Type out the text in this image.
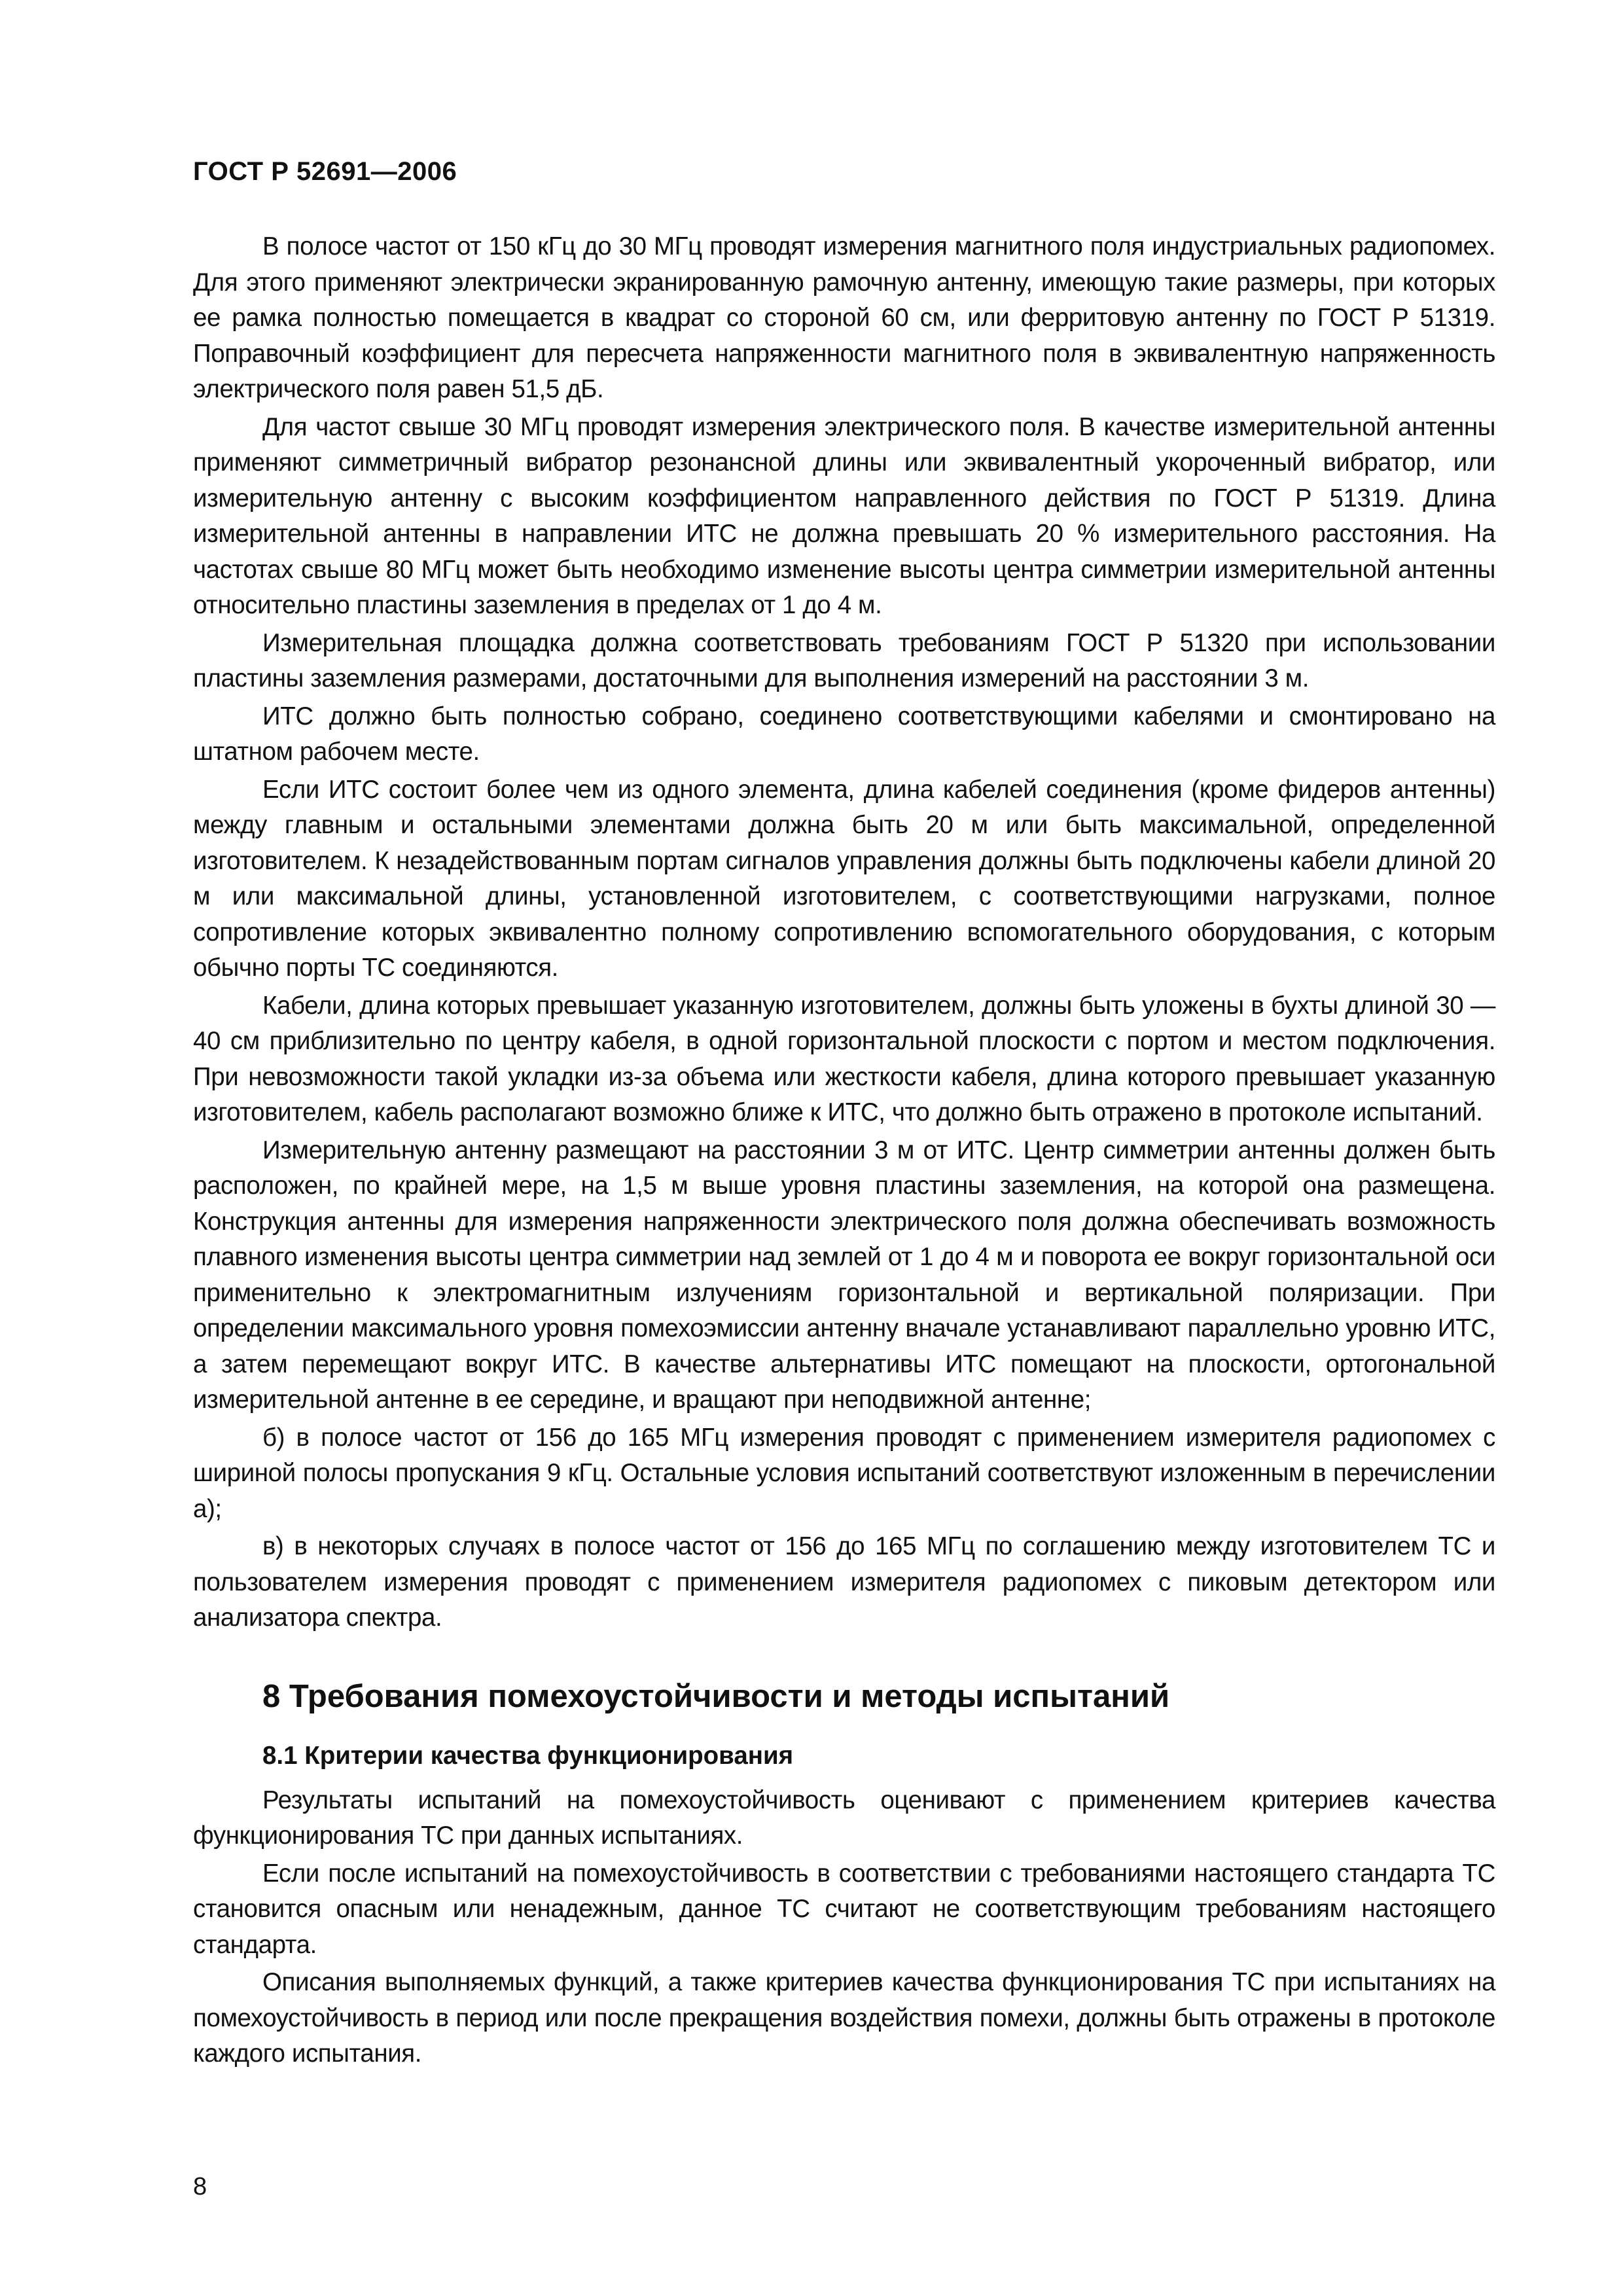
ГОСТ Р 52691—2006

В полосе частот от 150 кГц до 30 МГц проводят измерения магнитного поля индустриальных радиопомех. Для этого применяют электрически экранированную рамочную антенну, имеющую такие размеры, при которых ее рамка полностью помещается в квадрат со стороной 60 см, или ферритовую антенну по ГОСТ Р 51319. Поправочный коэффициент для пересчета напряженности магнитного поля в эквивалентную напряженность электрического поля равен 51,5 дБ.

Для частот свыше 30 МГц проводят измерения электрического поля. В качестве измерительной антенны применяют симметричный вибратор резонансной длины или эквивалентный укороченный вибратор, или измерительную антенну с высоким коэффициентом направленного действия по ГОСТ Р 51319. Длина измерительной антенны в направлении ИТС не должна превышать 20 % измерительного расстояния. На частотах свыше 80 МГц может быть необходимо изменение высоты центра симметрии измерительной антенны относительно пластины заземления в пределах от 1 до 4 м.

Измерительная площадка должна соответствовать требованиям ГОСТ Р 51320 при использовании пластины заземления размерами, достаточными для выполнения измерений на расстоянии 3 м.

ИТС должно быть полностью собрано, соединено соответствующими кабелями и смонтировано на штатном рабочем месте.

Если ИТС состоит более чем из одного элемента, длина кабелей соединения (кроме фидеров антенны) между главным и остальными элементами должна быть 20 м или быть максимальной, определенной изготовителем. К незадействованным портам сигналов управления должны быть подключены кабели длиной 20 м или максимальной длины, установленной изготовителем, с соответствующими нагрузками, полное сопротивление которых эквивалентно полному сопротивлению вспомогательного оборудования, с которым обычно порты ТС соединяются.

Кабели, длина которых превышает указанную изготовителем, должны быть уложены в бухты длиной 30 — 40 см приблизительно по центру кабеля, в одной горизонтальной плоскости с портом и местом подключения. При невозможности такой укладки из-за объема или жесткости кабеля, длина которого превышает указанную изготовителем, кабель располагают возможно ближе к ИТС, что должно быть отражено в протоколе испытаний.

Измерительную антенну размещают на расстоянии 3 м от ИТС. Центр симметрии антенны должен быть расположен, по крайней мере, на 1,5 м выше уровня пластины заземления, на которой она размещена. Конструкция антенны для измерения напряженности электрического поля должна обеспечивать возможность плавного изменения высоты центра симметрии над землей от 1 до 4 м и поворота ее вокруг горизонтальной оси применительно к электромагнитным излучениям горизонтальной и вертикальной поляризации. При определении максимального уровня помехоэмиссии антенну вначале устанавливают параллельно уровню ИТС, а затем перемещают вокруг ИТС. В качестве альтернативы ИТС помещают на плоскости, ортогональной измерительной антенне в ее середине, и вращают при неподвижной антенне;

б) в полосе частот от 156 до 165 МГц измерения проводят с применением измерителя радиопомех с шириной полосы пропускания 9 кГц. Остальные условия испытаний соответствуют изложенным в перечислении а);

в) в некоторых случаях в полосе частот от 156 до 165 МГц по соглашению между изготовителем ТС и пользователем измерения проводят с применением измерителя радиопомех с пиковым детектором или анализатора спектра.

8 Требования помехоустойчивости и методы испытаний
8.1 Критерии качества функционирования

Результаты испытаний на помехоустойчивость оценивают с применением критериев качества функционирования ТС при данных испытаниях.

Если после испытаний на помехоустойчивость в соответствии с требованиями настоящего стандарта ТС становится опасным или ненадежным, данное ТС считают не соответствующим требованиям настоящего стандарта.

Описания выполняемых функций, а также критериев качества функционирования ТС при испытаниях на помехоустойчивость в период или после прекращения воздействия помехи, должны быть отражены в протоколе каждого испытания.

8
